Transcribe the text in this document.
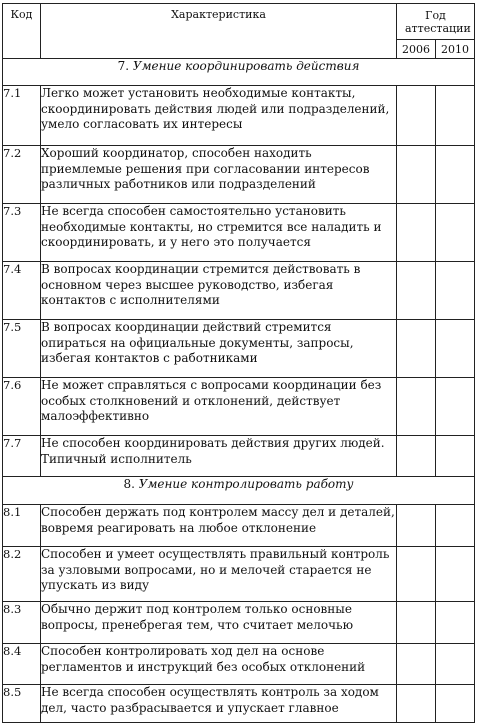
Код	Характеристика	Год аттестации	
		2006	2010
7. Умение координировать действия			
7.1	Легко может установить необходимые контакты, скоординировать действия людей или подразделений, умело согласовать их интересы		
7.2	Хороший координатор, способен находить приемлемые решения при согласовании интересов различных работников или подразделений		
7.3	Не всегда способен самостоятельно установить необходимые контакты, но стремится все наладить и скоординировать, и у него это получается		
7.4	В вопросах координации стремится действовать в основном через высшее руководство, избегая контактов с исполнителями		
7.5	В вопросах координации действий стремится опираться на официальные документы, запросы, избегая контактов с работниками		
7.6	Не может справляться с вопросами координации без особых столкновений и отклонений, действует малоэффективно		
7.7	Не способен координировать действия других людей. Типичный исполнитель		
8. Умение контролировать работу			
8.1	Способен держать под контролем массу дел и деталей, вовремя реагировать на любое отклонение		
8.2	Способен и умеет осуществлять правильный контроль за узловыми вопросами, но и мелочей старается не упускать из виду		
8.3	Обычно держит под контролем только основные вопросы, пренебрегая тем, что считает мелочью		
8.4	Способен контролировать ход дел на основе регламентов и инструкций без особых отклонений		
8.5	Не всегда способен осуществлять контроль за ходом дел, часто разбрасывается и упускает главное		
